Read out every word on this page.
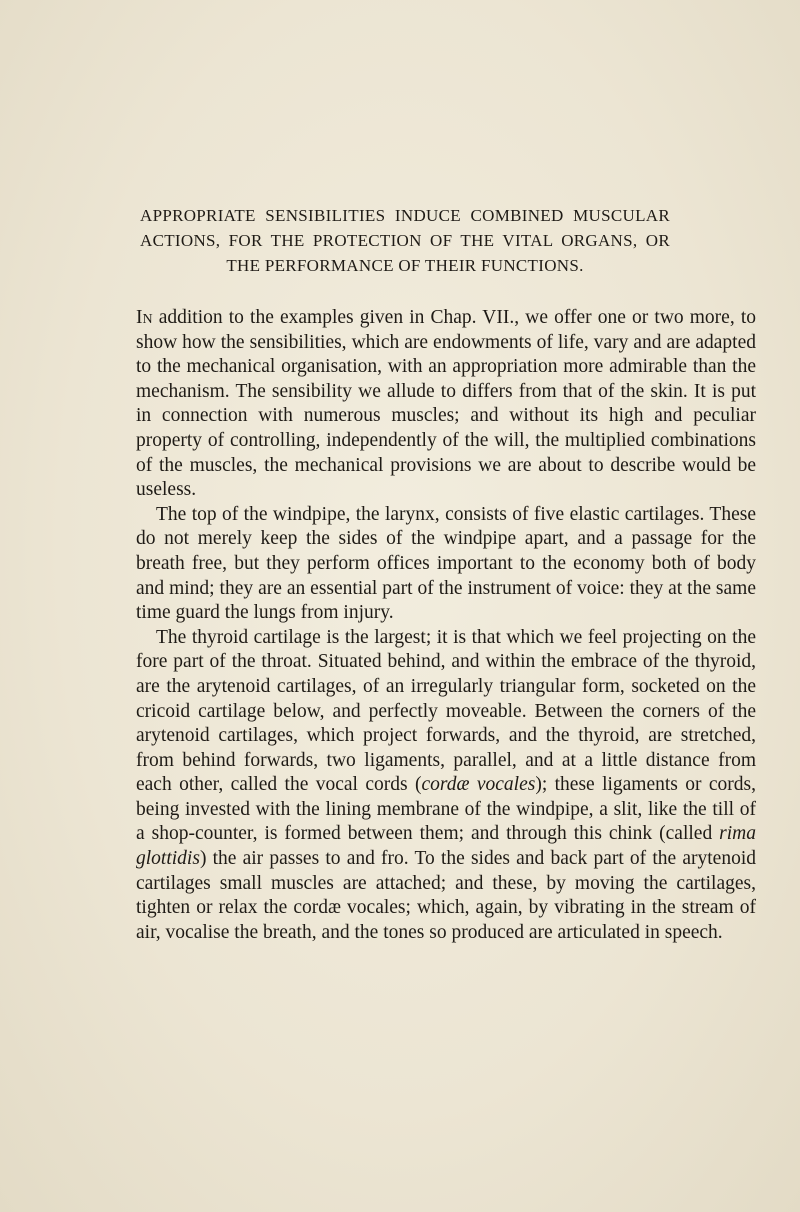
APPROPRIATE SENSIBILITIES INDUCE COMBINED MUSCULAR ACTIONS, FOR THE PROTECTION OF THE VITAL ORGANS, OR THE PERFORMANCE OF THEIR FUNCTIONS.

In addition to the examples given in Chap. VII., we offer one or two more, to show how the sensibilities, which are endowments of life, vary and are adapted to the mechanical organisation, with an appropriation more admirable than the mechanism. The sensibility we allude to differs from that of the skin. It is put in connection with numerous muscles; and without its high and peculiar property of controlling, independently of the will, the multiplied combinations of the muscles, the mechanical provisions we are about to describe would be useless.

The top of the windpipe, the larynx, consists of five elastic cartilages. These do not merely keep the sides of the windpipe apart, and a passage for the breath free, but they perform offices important to the economy both of body and mind; they are an essential part of the instrument of voice: they at the same time guard the lungs from injury.

The thyroid cartilage is the largest; it is that which we feel projecting on the fore part of the throat. Situated behind, and within the embrace of the thyroid, are the arytenoid cartilages, of an irregularly triangular form, socketed on the cricoid cartilage below, and perfectly moveable. Between the corners of the arytenoid cartilages, which project forwards, and the thyroid, are stretched, from behind forwards, two ligaments, parallel, and at a little distance from each other, called the vocal cords (cordæ vocales); these ligaments or cords, being invested with the lining membrane of the windpipe, a slit, like the till of a shop-counter, is formed between them; and through this chink (called rima glottidis) the air passes to and fro. To the sides and back part of the arytenoid cartilages small muscles are attached; and these, by moving the cartilages, tighten or relax the cordæ vocales; which, again, by vibrating in the stream of air, vocalise the breath, and the tones so produced are articulated in speech.
